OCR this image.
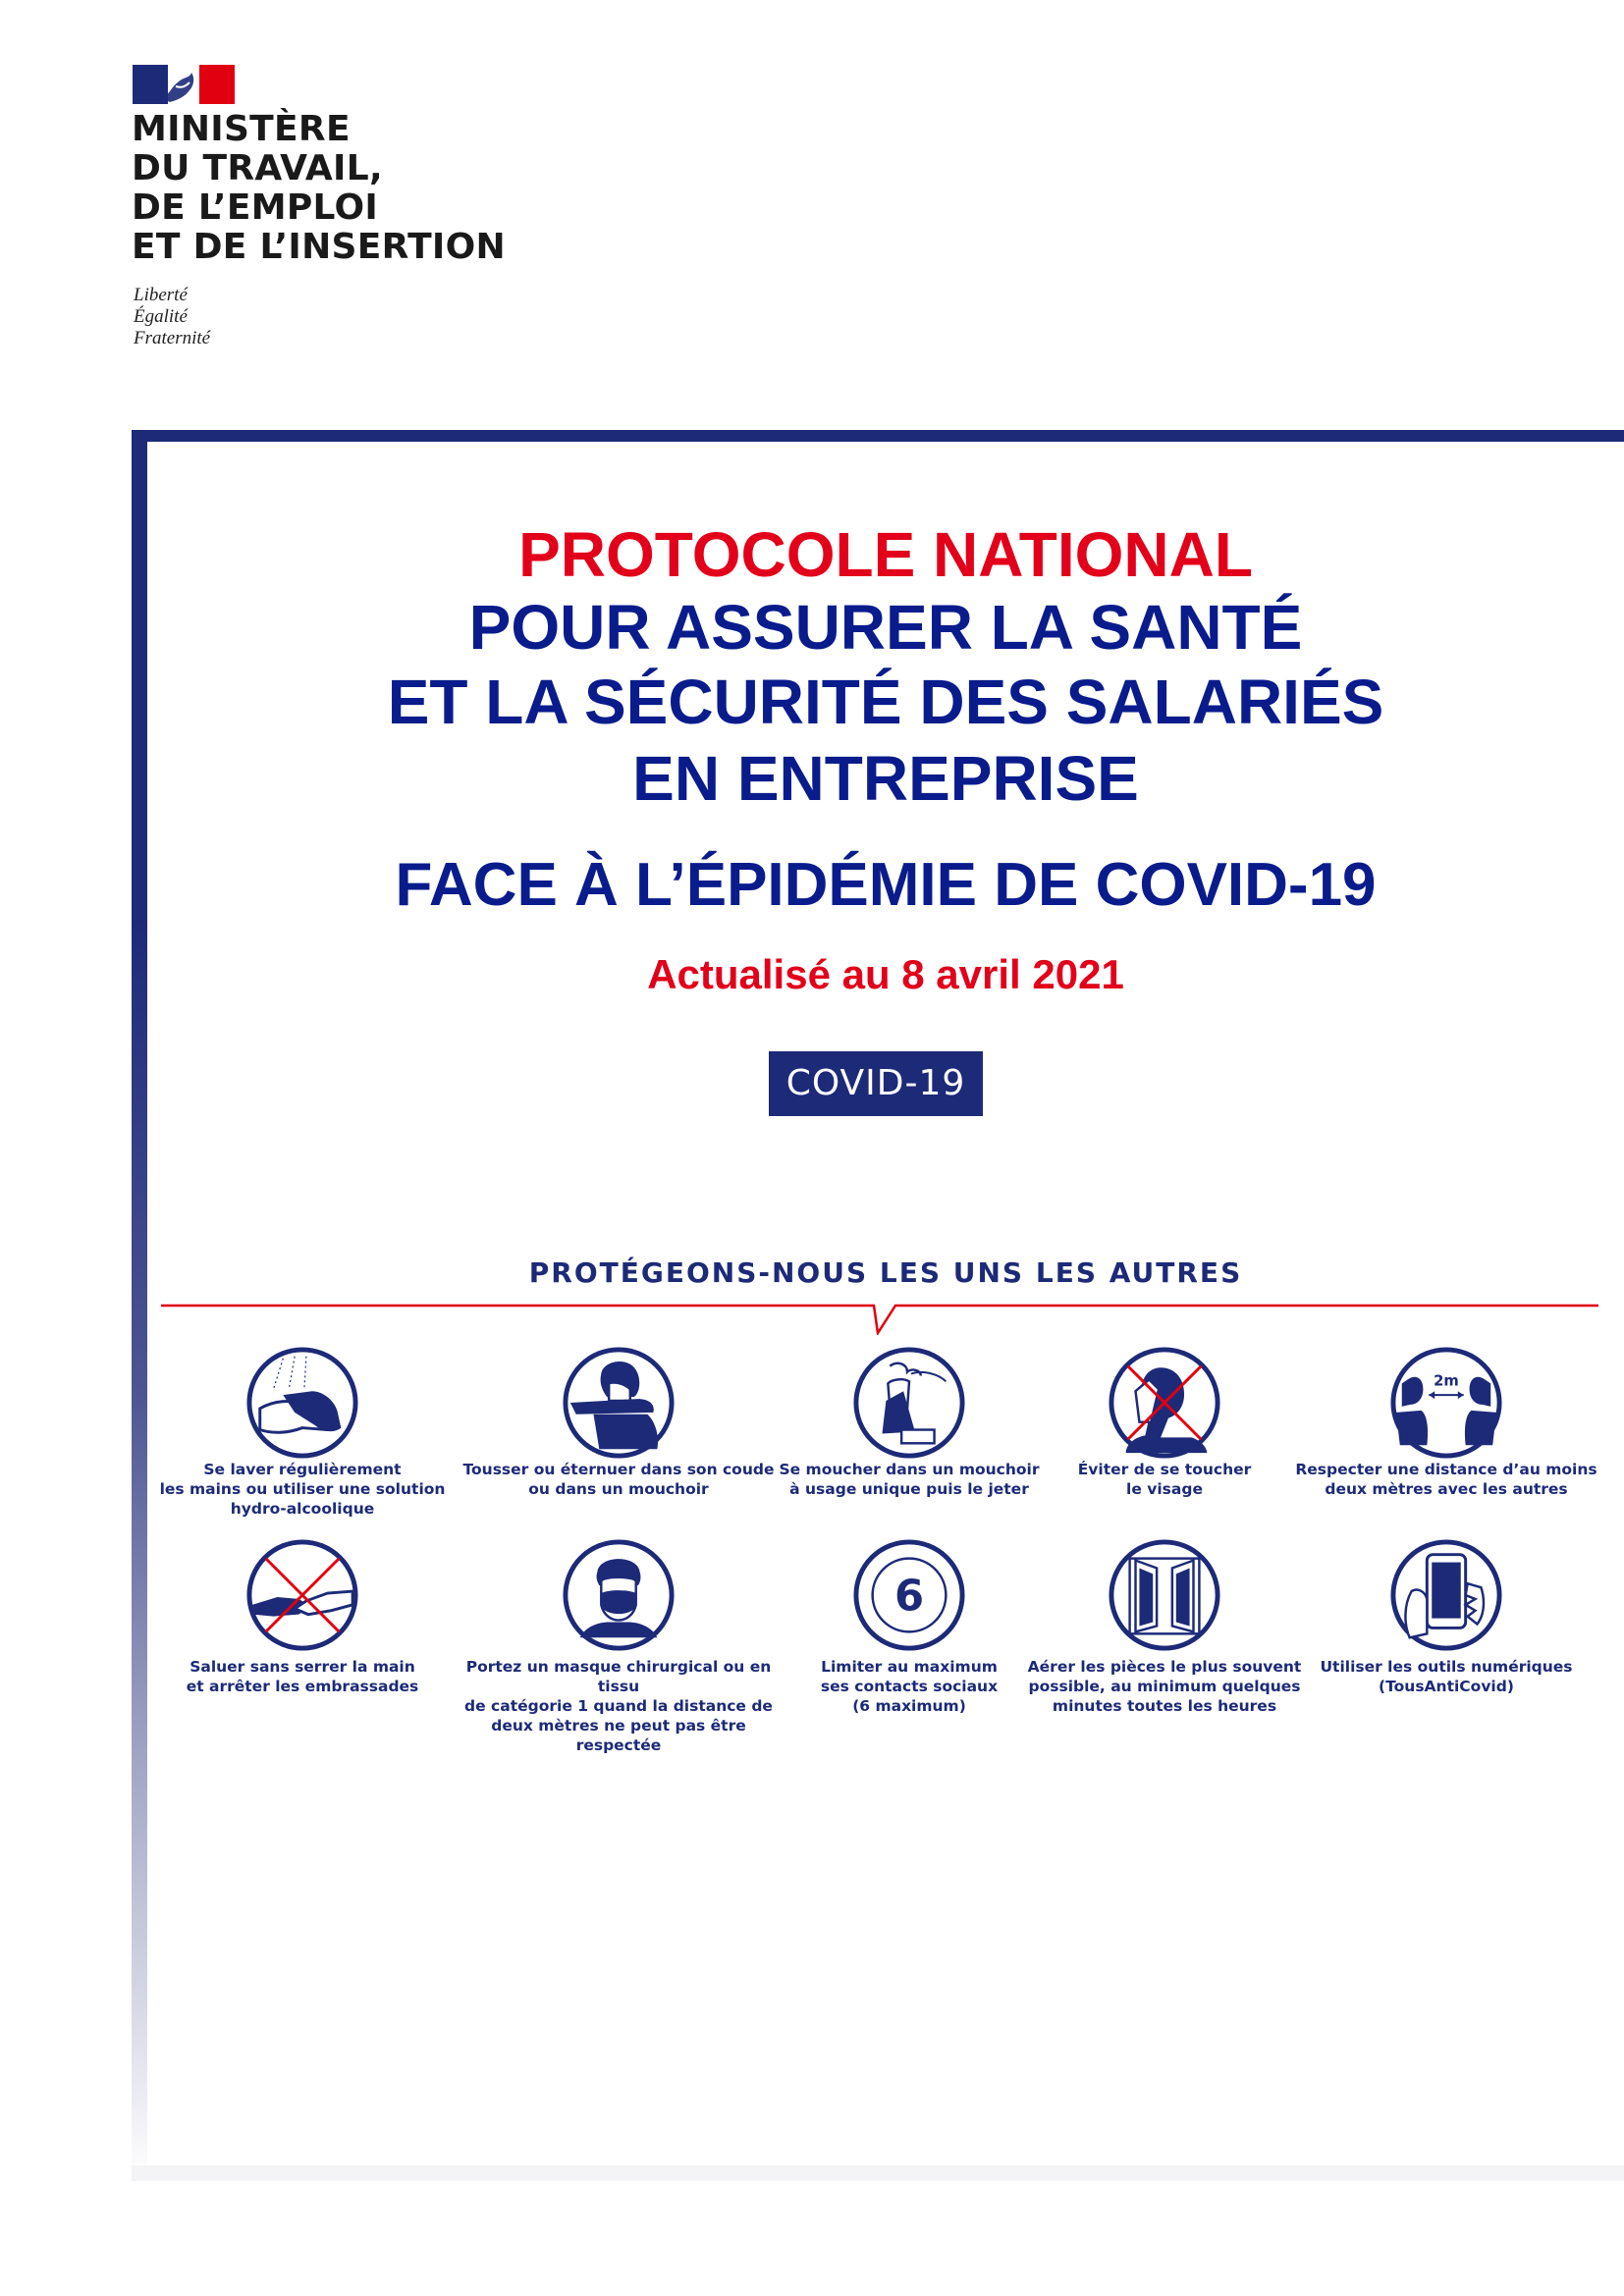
MINISTÈRE
DU TRAVAIL,
DE L’EMPLOI
ET DE L’INSERTION
Liberté
Égalité
Fraternité
PROTOCOLE NATIONAL
POUR ASSURER LA SANTÉ
ET LA SÉCURITÉ DES SALARIÉS
EN ENTREPRISE
FACE À L’ÉPIDÉMIE DE COVID-19
Actualisé au 8 avril 2021
COVID-19
PROTÉGEONS-NOUS LES UNS LES AUTRES
2m
6
Se laver régulièrement
les mains ou utiliser une solution
hydro-alcoolique
Tousser ou éternuer dans son coude
ou dans un mouchoir
Se moucher dans un mouchoir
à usage unique puis le jeter
Éviter de se toucher
le visage
Respecter une distance d’au moins
deux mètres avec les autres
Saluer sans serrer la main
et arrêter les embrassades
Portez un masque chirurgical ou en tissu
de catégorie 1 quand la distance de
deux mètres ne peut pas être respectée
Limiter au maximum
ses contacts sociaux
(6 maximum)
Aérer les pièces le plus souvent
possible, au minimum quelques
minutes toutes les heures
Utiliser les outils numériques
(TousAntiCovid)
